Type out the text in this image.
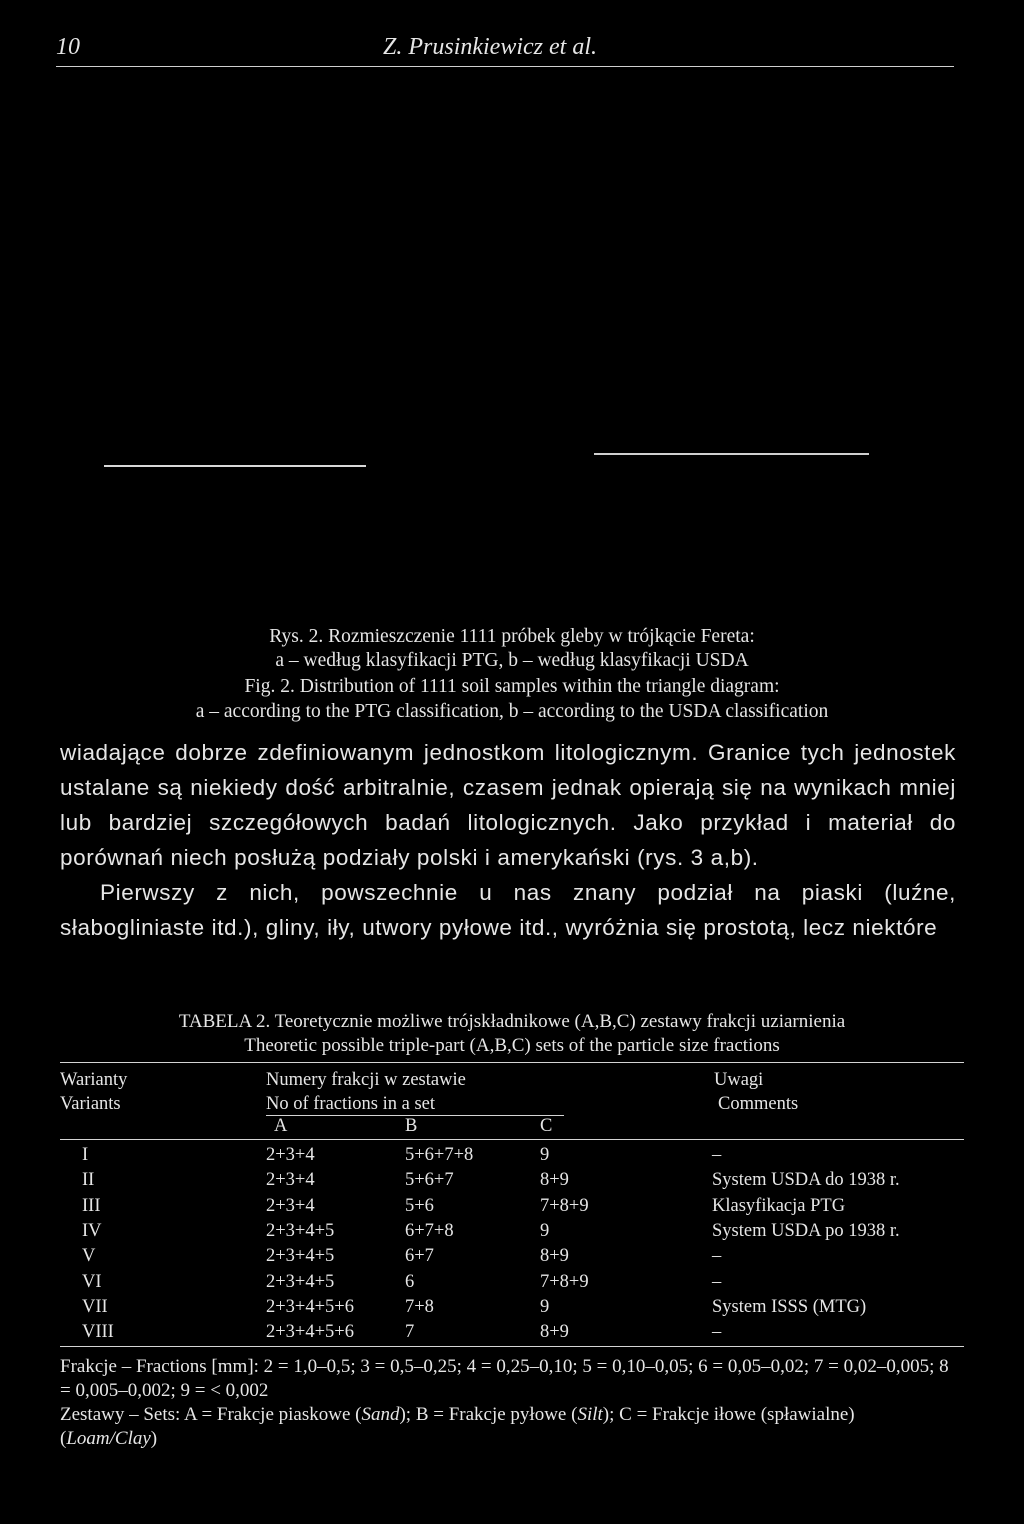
10	Z. Prusinkiewicz et al.
Rys. 2. Rozmieszczenie 1111 próbek gleby w trójkącie Fereta:
a – według klasyfikacji PTG, b – według klasyfikacji USDA
Fig. 2. Distribution of 1111 soil samples within the triangle diagram:
a – according to the PTG classification, b – according to the USDA classification

wiadające dobrze zdefiniowanym jednostkom litologicznym. Granice tych jednostek ustalane są niekiedy dość arbitralnie, czasem jednak opierają się na wynikach mniej lub bardziej szczegółowych badań litologicznych. Jako przykład i materiał do porównań niech posłużą podziały polski i amerykański (rys. 3 a,b).

Pierwszy z nich, powszechnie u nas znany podział na piaski (luźne, słabogliniaste itd.), gliny, iły, utwory pyłowe itd., wyróżnia się prostotą, lecz niektóre

TABELA 2. Teoretycznie możliwe trójskładnikowe (A,B,C) zestawy frakcji uziarnienia
Theoretic possible triple-part (A,B,C) sets of the particle size fractions
Warianty
Variants
Numery frakcji w zestawie
No of fractions in a set
Uwagi
Comments
A	B	C
I	2+3+4	5+6+7+8	9	–
II	2+3+4	5+6+7	8+9	System USDA do 1938 r.
III	2+3+4	5+6	7+8+9	Klasyfikacja PTG
IV	2+3+4+5	6+7+8	9	System USDA po 1938 r.
V	2+3+4+5	6+7	8+9	–
VI	2+3+4+5	6	7+8+9	–
VII	2+3+4+5+6	7+8	9	System ISSS (MTG)
VIII	2+3+4+5+6	7	8+9	–

Frakcje – Fractions [mm]: 2 = 1,0–0,5; 3 = 0,5–0,25; 4 = 0,25–0,10; 5 = 0,10–0,05; 6 = 0,05–0,02; 7 = 0,02–0,005; 8 = 0,005–0,002; 9 = < 0,002

Zestawy – Sets: A = Frakcje piaskowe (Sand); B = Frakcje pyłowe (Silt); C = Frakcje iłowe (spławialne) (Loam/Clay)
